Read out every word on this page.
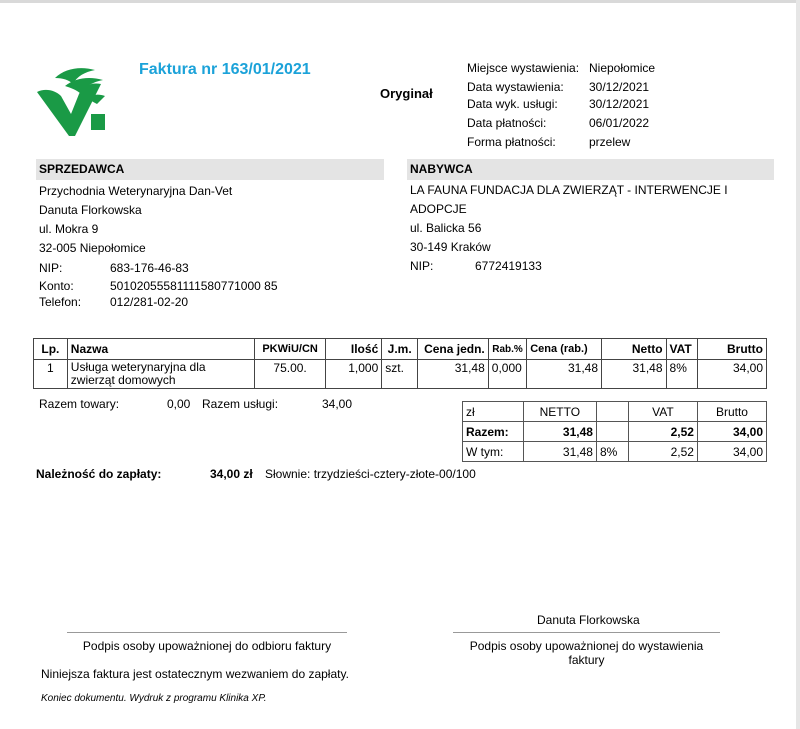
Faktura nr 163/01/2021
Oryginał
Miejsce wystawienia: Niepołomice
Data wystawienia: 30/12/2021
Data wyk. usługi:	30/12/2021
Data płatności:	06/01/2022
Forma płatności:	przelew
SPRZEDAWCA
Przychodnia Weterynaryjna Dan-Vet
Danuta Florkowska
ul. Mokra 9
32-005 Niepołomice
NIP:	683-176-46-83
Konto:	50102055581111580771000 85
Telefon: 012/281-02-20
NABYWCA
LA FAUNA FUNDACJA DLA ZWIERZĄT - INTERWENCJE I
ADOPCJE
ul. Balicka 56
30-149 Kraków
NIP:	6772419133
Lp.	Nazwa	PKWiU/CN	Ilość	J.m.	Cena jedn.	Rab.%	Cena (rab.)	Netto	VAT	Brutto
1	Usługa weterynaryjna dla
zwierząt domowych	75.00.	1,000	szt.	31,48	0,000	31,48	31,48	8%	34,00
Razem towary:	0,00 Razem usługi:	34,00
zł	NETTO		VAT	Brutto
Razem:	31,48		2,52	34,00
W tym:	31,48	8%	2,52	34,00
Należność do zapłaty:	34,00 zł Słownie: trzydzieści-cztery-złote-00/100
Danuta Florkowska
Podpis osoby upoważnionej do odbioru faktury	Podpis osoby upoważnionej do wystawienia
faktury
Niniejsza faktura jest ostatecznym wezwaniem do zapłaty.
Koniec dokumentu. Wydruk z programu Klinika XP.
